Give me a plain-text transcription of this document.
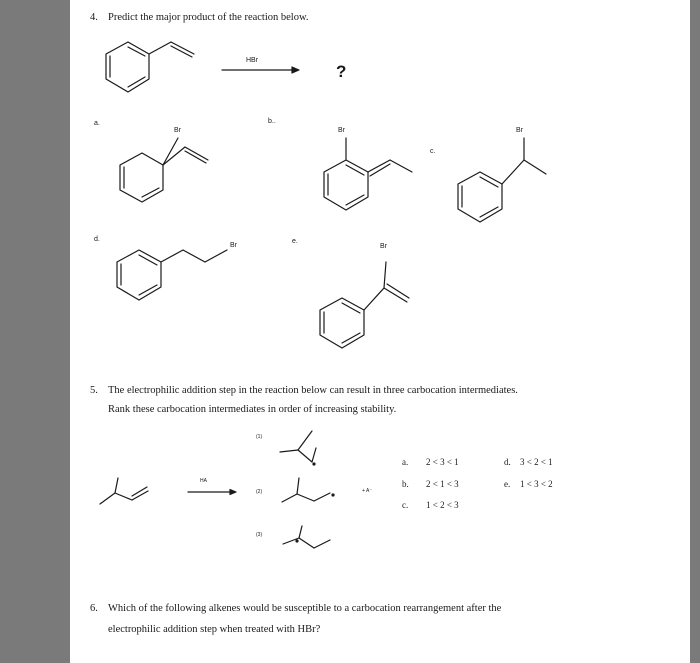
4. Predict the major product of the reaction below.
HBr
?
a.
Br
b..
Br
c.
Br
d.
Br
e.
Br
5. The electrophilic addition step in the reaction below can result in three carbocation intermediates.
Rank these carbocation intermediates in order of increasing stability.
HA
(1)
(2)
(3)
+ A⁻
a. 2 < 3 < 1
b. 2 < 1 < 3
c. 1 < 2 < 3
d. 3 < 2 < 1
e. 1 < 3 < 2
6. Which of the following alkenes would be susceptible to a carbocation rearrangement after the
electrophilic addition step when treated with HBr?
